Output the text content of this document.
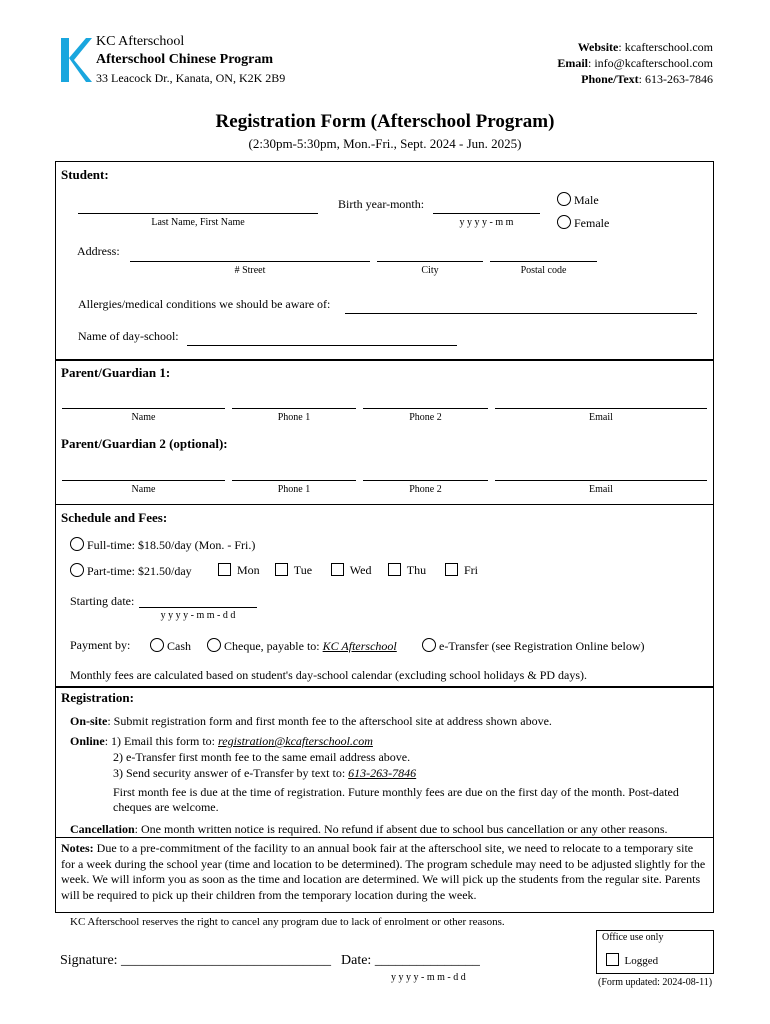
KC Afterschool
Afterschool Chinese Program
33 Leacock Dr., Kanata, ON, K2K 2B9
Website: kcafterschool.com
Email: info@kcafterschool.com
Phone/Text: 613-263-7846
Registration Form (Afterschool Program)
(2:30pm-5:30pm, Mon.-Fri., Sept. 2024 - Jun. 2025)
Student:
Last Name, First Name
Birth year-month:
y y y y - m m
Male
Female
Address:
# Street	City	Postal code
Allergies/medical conditions we should be aware of:
Name of day-school:
Parent/Guardian 1:
Name	Phone 1	Phone 2	Email
Parent/Guardian 2 (optional):
Name	Phone 1	Phone 2	Email
Schedule and Fees:
Full-time: $18.50/day (Mon. - Fri.)
Part-time: $21.50/day	Mon	Tue	Wed	Thu	Fri
Starting date:
y y y y - m m - d d
Payment by:	Cash	Cheque, payable to: KC Afterschool	e-Transfer (see Registration Online below)
Monthly fees are calculated based on student's day-school calendar (excluding school holidays & PD days).
Registration:
On-site: Submit registration form and first month fee to the afterschool site at address shown above.
Online: 1) Email this form to: registration@kcafterschool.com
2) e-Transfer first month fee to the same email address above.
3) Send security answer of e-Transfer by text to: 613-263-7846
First month fee is due at the time of registration. Future monthly fees are due on the first day of the month. Post-dated cheques are welcome.
Cancellation: One month written notice is required. No refund if absent due to school bus cancellation or any other reasons.
Notes: Due to a pre-commitment of the facility to an annual book fair at the afterschool site, we need to relocate to a temporary site for a week during the school year (time and location to be determined). The program schedule may need to be adjusted slightly for the week. We will inform you as soon as the time and location are determined. We will pick up the students from the regular site. Parents will be required to pick up their children from the temporary location during the week.
KC Afterschool reserves the right to cancel any program due to lack of enrolment or other reasons.
Signature: ______________________________ Date: _______________
y y y y - m m - d d
Office use only
Logged
(Form updated: 2024-08-11)
